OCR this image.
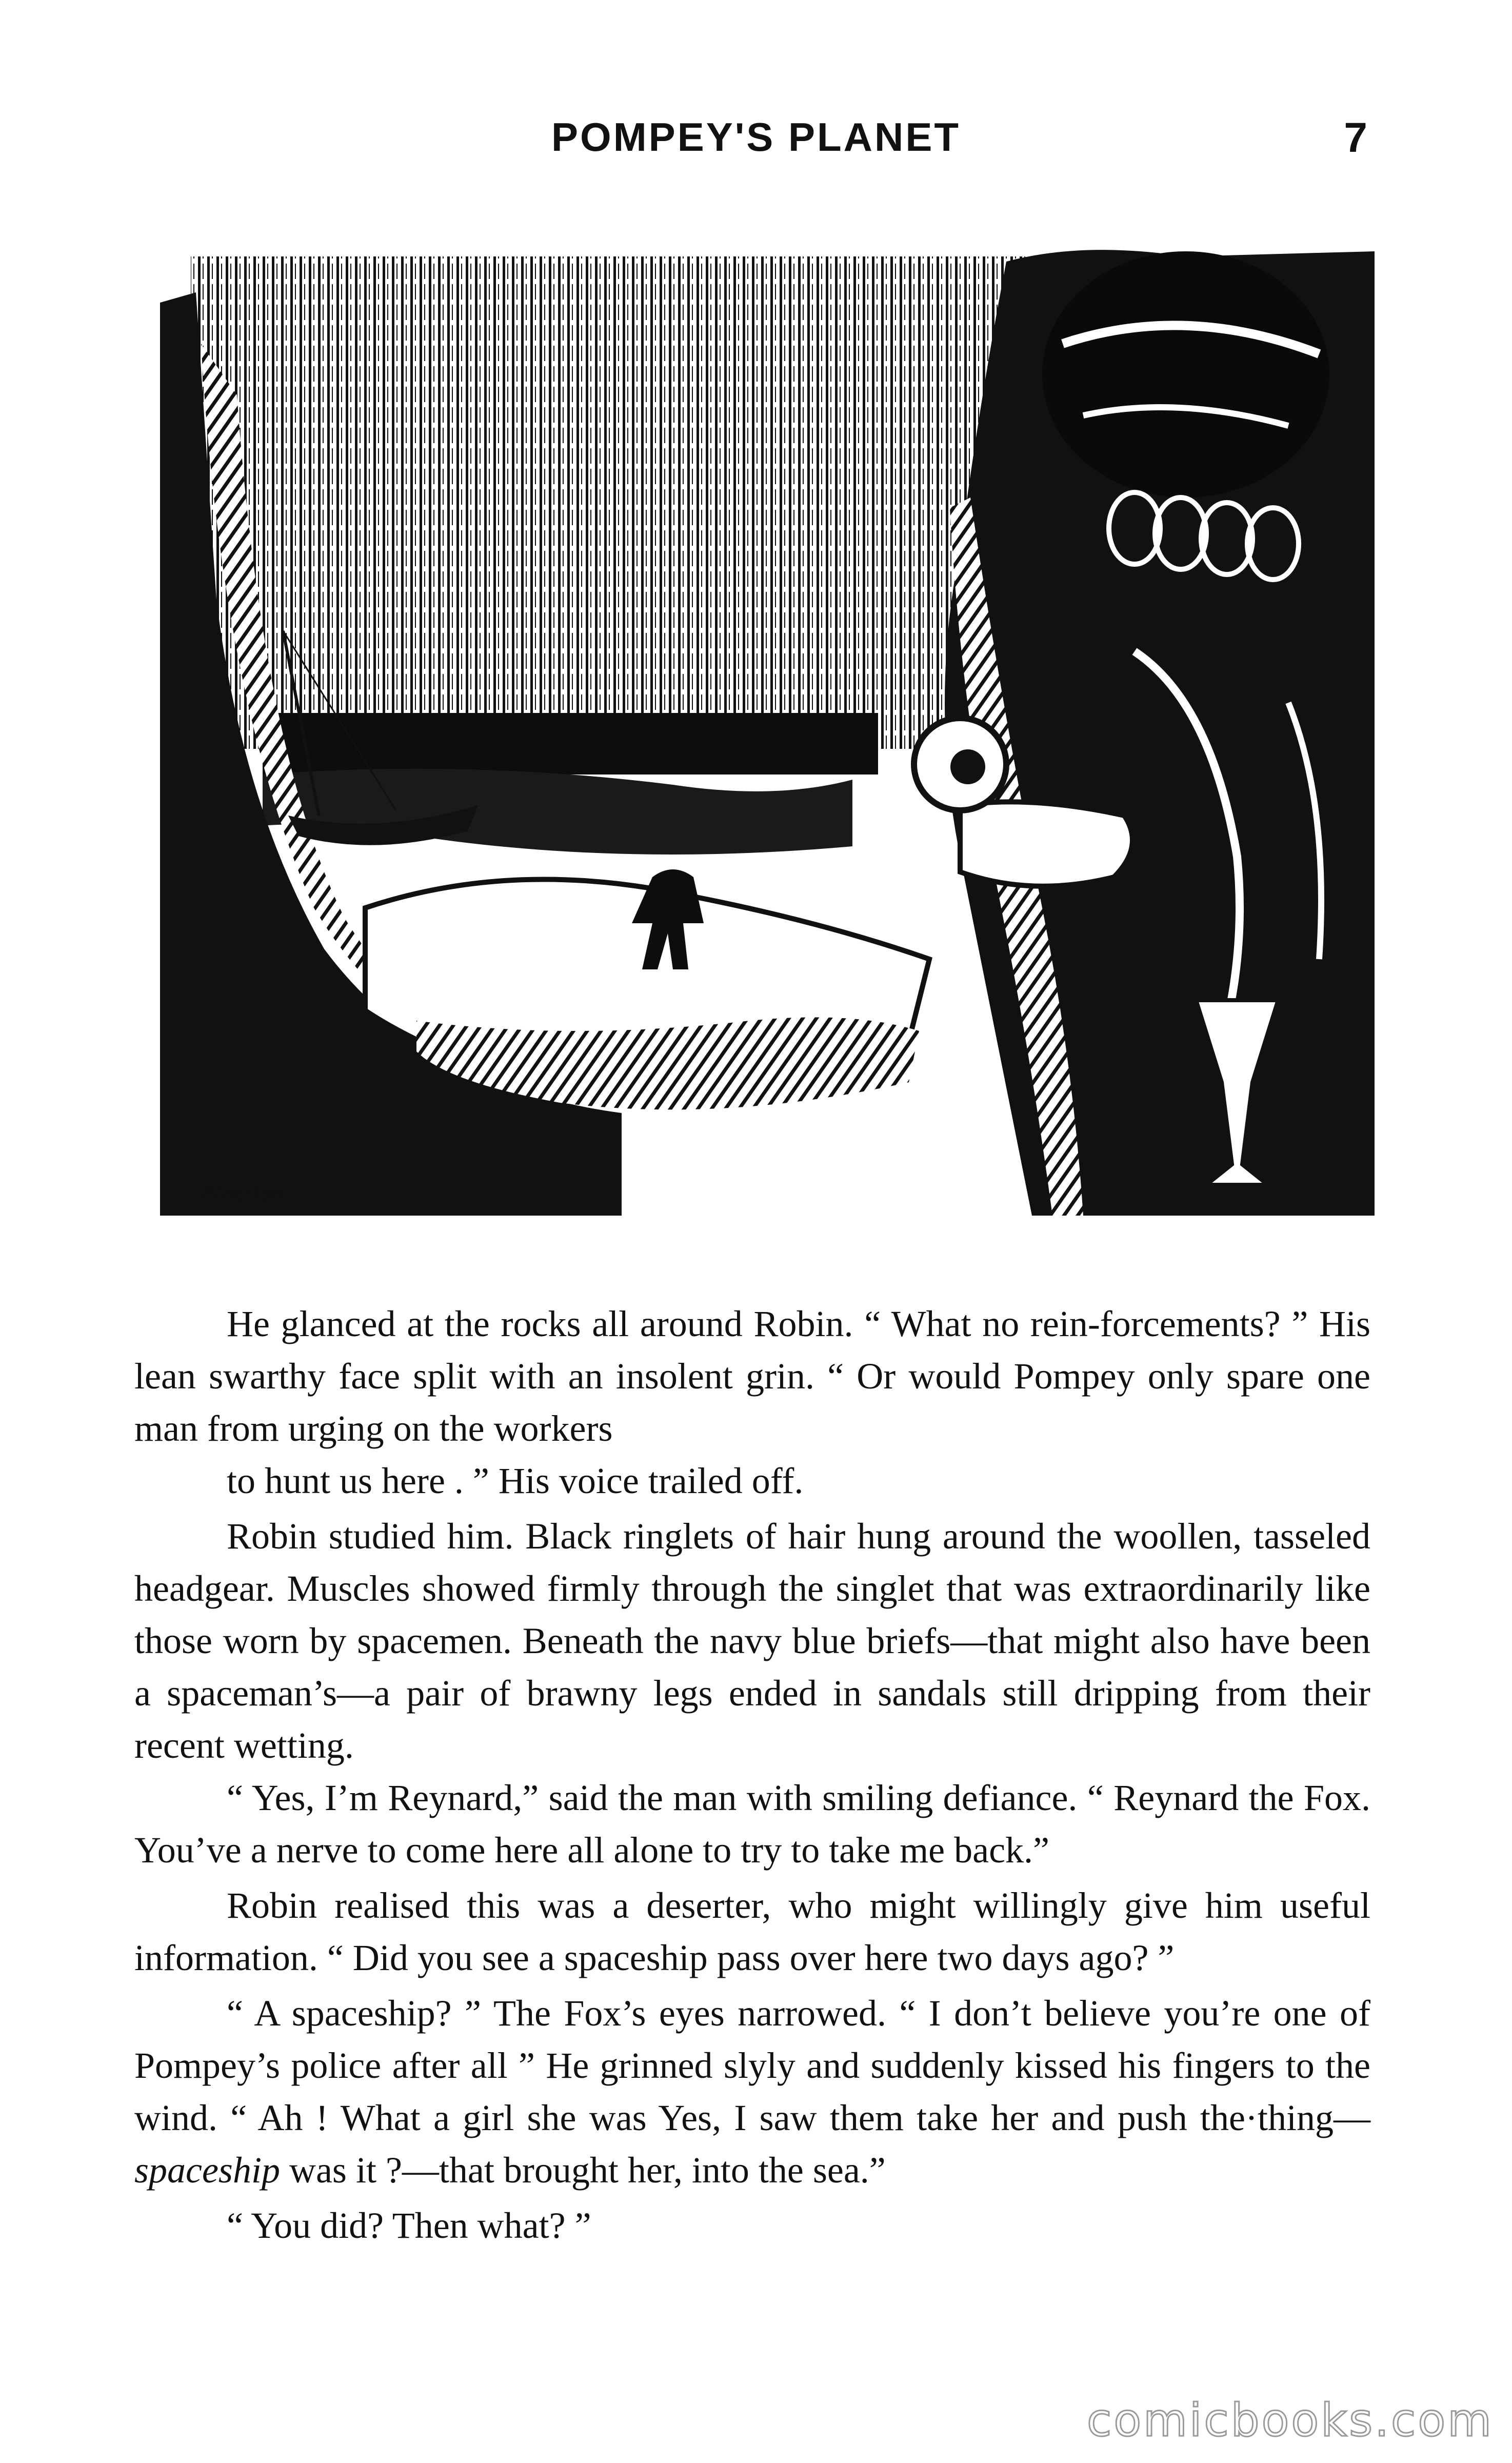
POMPEY'S PLANET	7
Atherton

He glanced at the rocks all around Robin. “ What no rein-forcements? ” His lean swarthy face split with an insolent grin. “ Or would Pompey only spare one man from urging on the workers
to hunt us here . ” His voice trailed off.

Robin studied him. Black ringlets of hair hung around the woollen, tasseled headgear. Muscles showed firmly through the singlet that was extraordinarily like those worn by spacemen. Beneath the navy blue briefs—that might also have been a spaceman’s—a pair of brawny legs ended in sandals still dripping from their recent wetting.

“ Yes, I’m Reynard,” said the man with smiling defiance. “ Reynard the Fox. You’ve a nerve to come here all alone to try to take me back.”

Robin realised this was a deserter, who might willingly give him useful information. “ Did you see a spaceship pass over here two days ago? ”

“ A spaceship? ” The Fox’s eyes narrowed. “ I don’t believe you’re one of Pompey’s police after all ” He grinned slyly and suddenly kissed his fingers to the wind. “ Ah ! What a girl she was Yes, I saw them take her and push the·thing—spaceship was it ?—that brought her, into the sea.”

“ You did? Then what? ”

comicbooks.com
